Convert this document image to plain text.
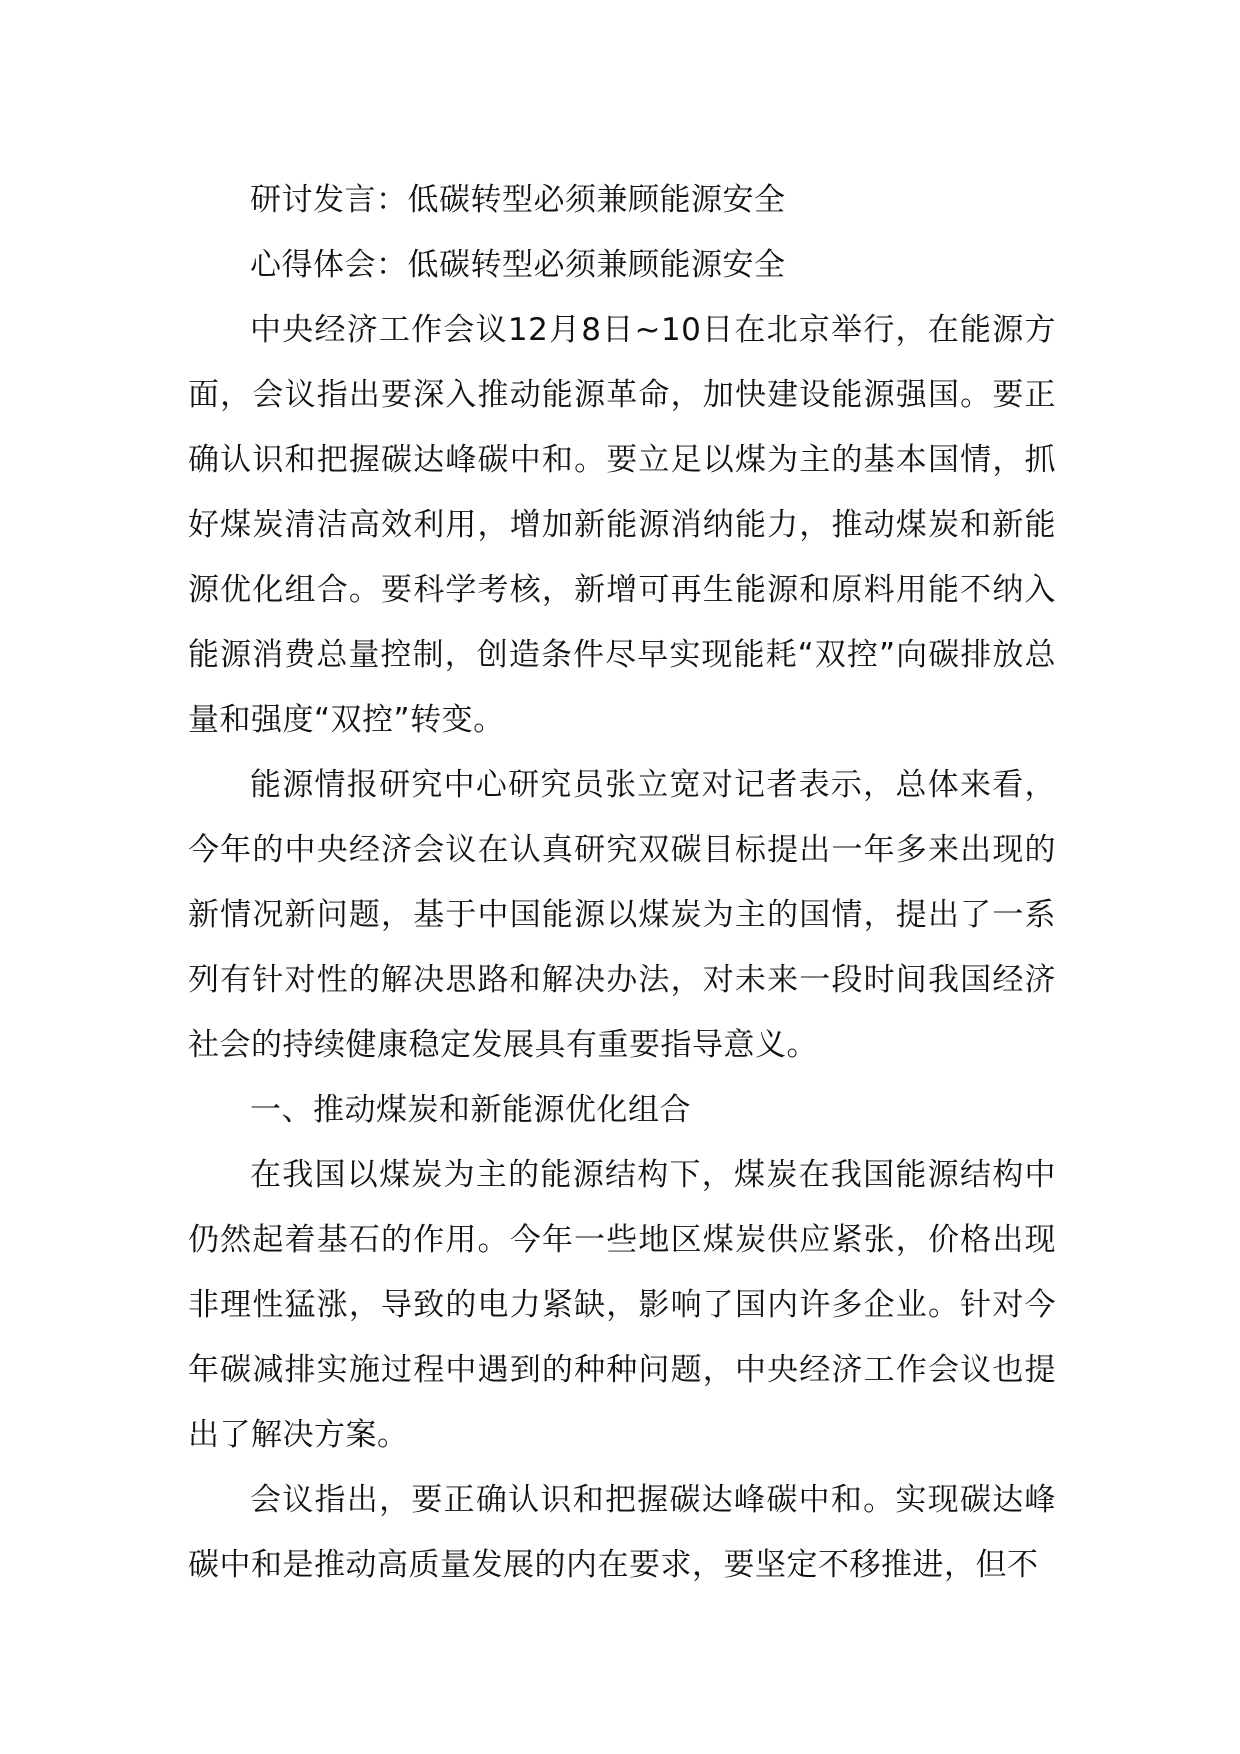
研讨发言：低碳转型必须兼顾能源安全

心得体会：低碳转型必须兼顾能源安全

中央经济工作会议12月8日~10日在北京举行，在能源方面，会议指出要深入推动能源革命，加快建设能源强国。要正确认识和把握碳达峰碳中和。要立足以煤为主的基本国情，抓好煤炭清洁高效利用，增加新能源消纳能力，推动煤炭和新能源优化组合。要科学考核，新增可再生能源和原料用能不纳入能源消费总量控制，创造条件尽早实现能耗“双控”向碳排放总量和强度“双控”转变。

能源情报研究中心研究员张立宽对记者表示，总体来看，今年的中央经济会议在认真研究双碳目标提出一年多来出现的新情况新问题，基于中国能源以煤炭为主的国情，提出了一系列有针对性的解决思路和解决办法，对未来一段时间我国经济社会的持续健康稳定发展具有重要指导意义。

一、推动煤炭和新能源优化组合

在我国以煤炭为主的能源结构下，煤炭在我国能源结构中仍然起着基石的作用。今年一些地区煤炭供应紧张，价格出现非理性猛涨，导致的电力紧缺，影响了国内许多企业。针对今年碳减排实施过程中遇到的种种问题，中央经济工作会议也提出了解决方案。

会议指出，要正确认识和把握碳达峰碳中和。实现碳达峰碳中和是推动高质量发展的内在要求，要坚定不移推进，但不
